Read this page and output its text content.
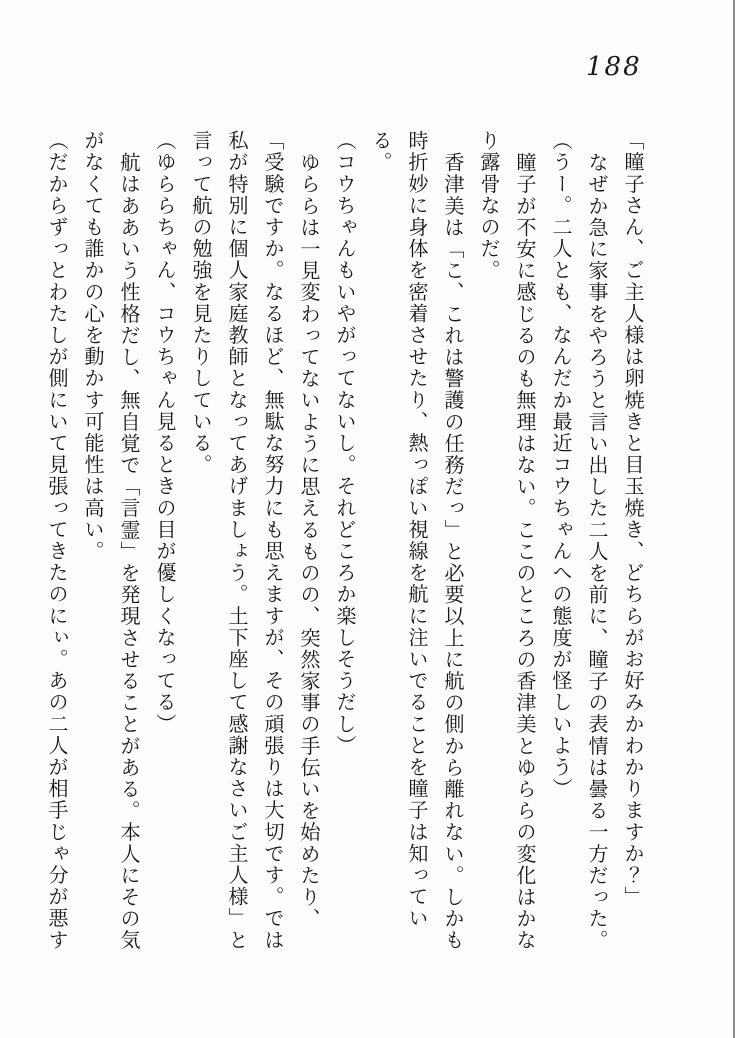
188

「瞳子さん、ご主人様は卵焼きと目玉焼き、どちらがお好みかわかりますか？」

なぜか急に家事をやろうと言い出した二人を前に、瞳子の表情は曇る一方だった。

（うー。二人とも、なんだか最近コウちゃんへの態度が怪しいよう）

瞳子が不安に感じるのも無理はない。ここのところの香津美とゆららの変化はかなり露骨なのだ。

香津美は「こ、これは警護の任務だっ」と必要以上に航の側から離れない。しかも時折妙に身体を密着させたり、熱っぽい視線を航に注いでることを瞳子は知っている。

（コウちゃんもいやがってないし。それどころか楽しそうだし）

ゆららは一見変わってないように思えるものの、突然家事の手伝いを始めたり、「受験ですか。なるほど、無駄な努力にも思えますが、その頑張りは大切です。では私が特別に個人家庭教師となってあげましょう。土下座して感謝なさいご主人様」と言って航の勉強を見たりしている。

（ゆららちゃん、コウちゃん見るときの目が優しくなってる）

航はああいう性格だし、無自覚で「言霊」を発現させることがある。本人にその気がなくても誰かの心を動かす可能性は高い。

（だからずっとわたしが側にいて見張ってきたのにぃ。あの二人が相手じゃ分が悪す
